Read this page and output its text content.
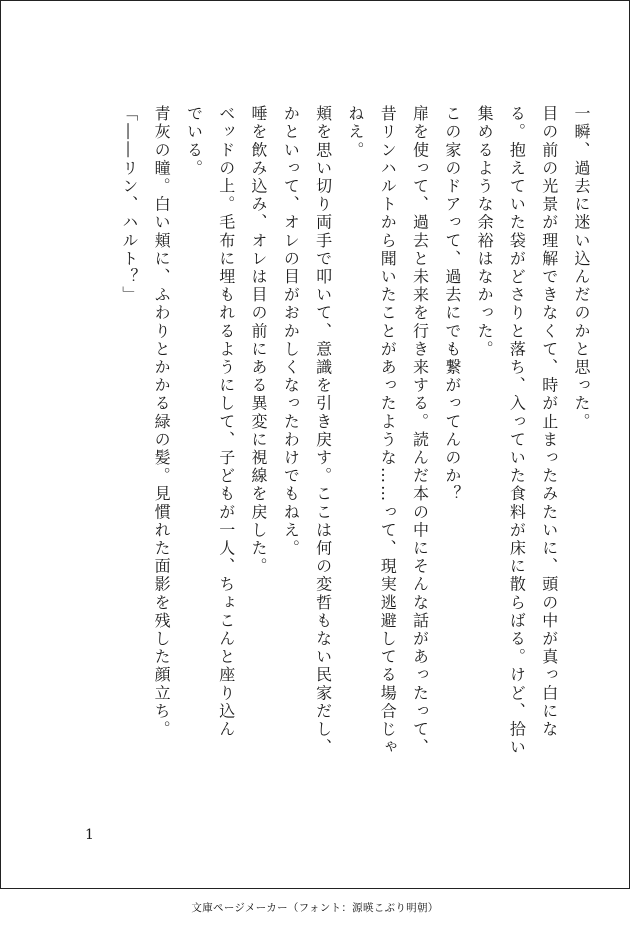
一瞬、過去に迷い込んだのかと思った。

目の前の光景が理解できなくて、時が止まったみたいに、頭の中が真っ白にな

る。抱えていた袋がどさりと落ち、入っていた食料が床に散らばる。けど、拾い

集めるような余裕はなかった。

この家のドアって、過去にでも繋がってんのか？

扉を使って、過去と未来を行き来する。読んだ本の中にそんな話があったって、

昔リンハルトから聞いたことがあったような……って、現実逃避してる場合じゃ

ねえ。

頬を思い切り両手で叩いて、意識を引き戻す。ここは何の変哲もない民家だし、

かといって、オレの目がおかしくなったわけでもねえ。

唾を飲み込み、オレは目の前にある異変に視線を戻した。

ベッドの上。毛布に埋もれるようにして、子どもが一人、ちょこんと座り込ん

でいる。

青灰の瞳。白い頬に、ふわりとかかる緑の髪。見慣れた面影を残した顔立ち。

「――リン、ハルト？」

1
文庫ページメーカー（フォント：源暎こぶり明朝）
